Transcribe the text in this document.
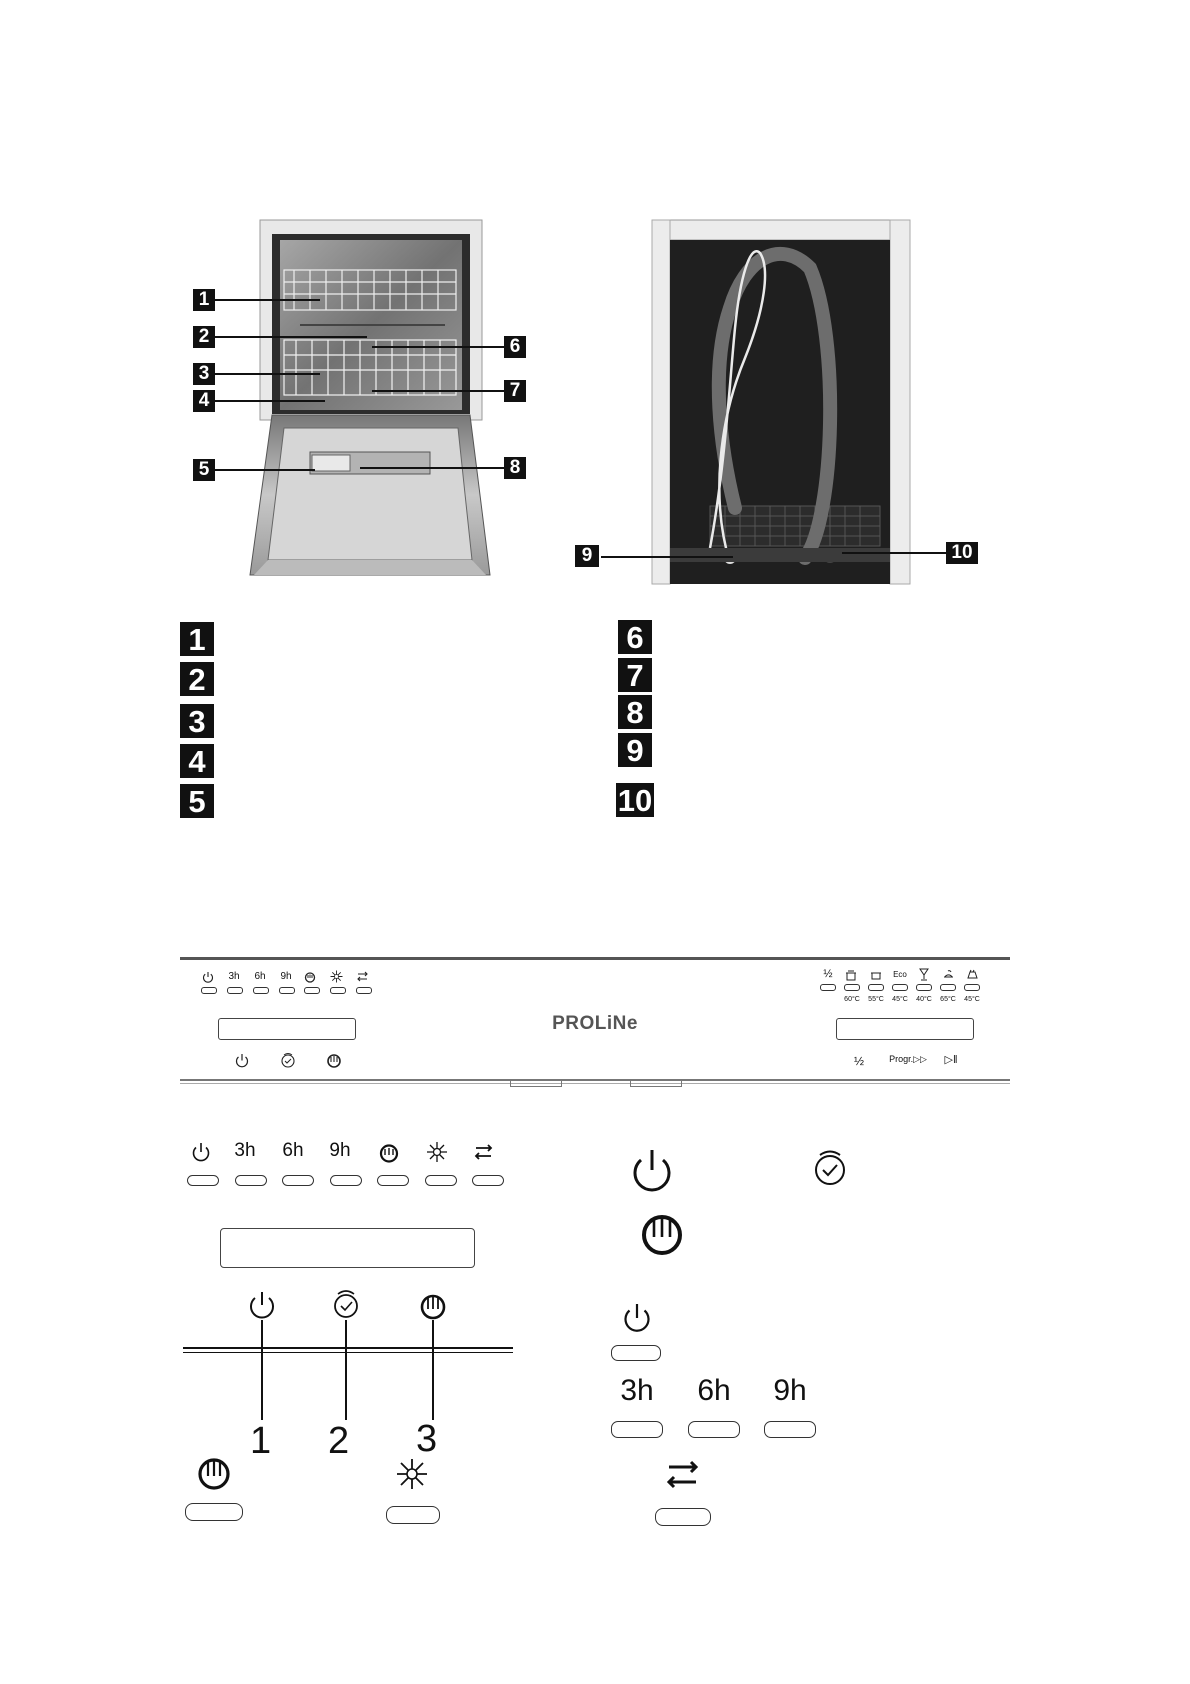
1
2
3
4
5
6
7
8
9	10
1
2
3
4
5
6
7
8
9
10
3h	6h	9h
PROLiNe
½	Eco
60°C	55°C	45°C	40°C	65°C	45°C
½	Progr.▷▷	▷‖
3h 6h 9h
1 2 3
3h	6h	9h
